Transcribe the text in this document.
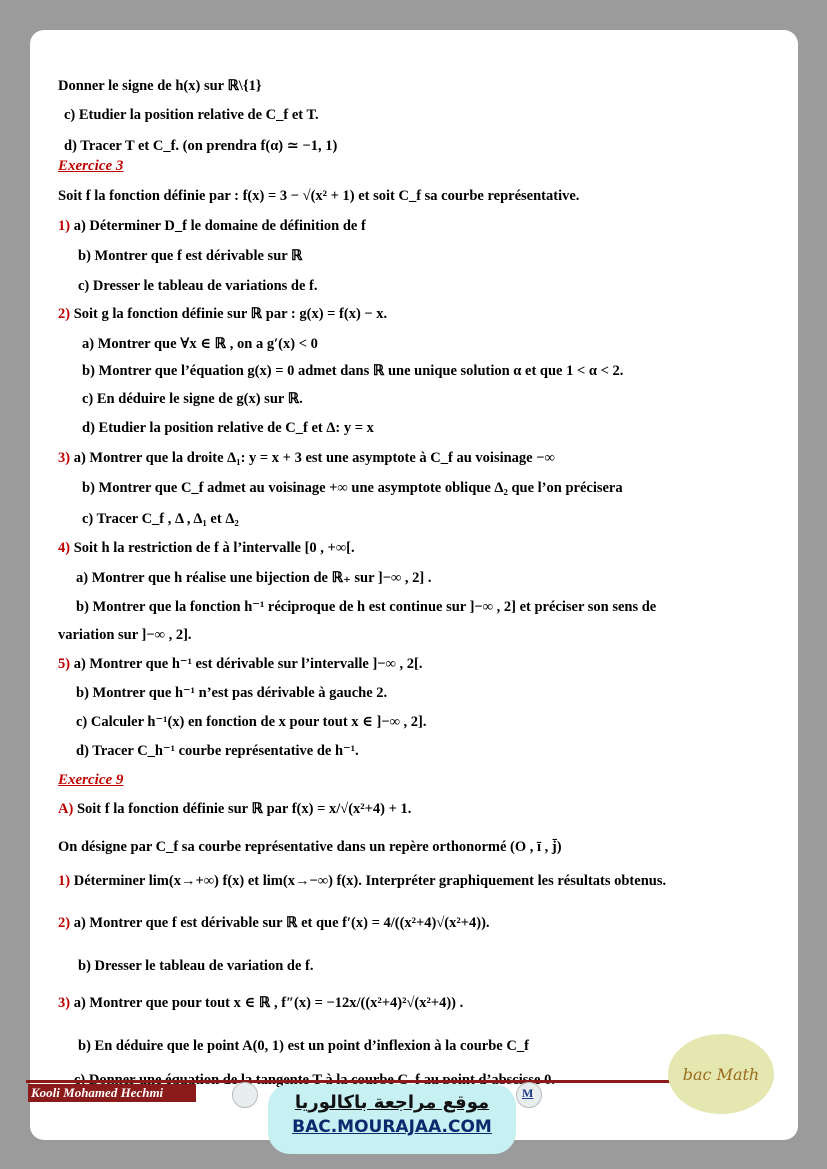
Donner le signe de h(x) sur ℝ\{1}
c) Etudier la position relative de C_f et T.
d) Tracer T et C_f. (on prendra f(α) ≃ −1, 1)
Exercice 3
Soit f la fonction définie par : f(x) = 3 − √(x² + 1) et soit C_f sa courbe représentative.
1) a) Déterminer D_f le domaine de définition de f
b) Montrer que f est dérivable sur ℝ
c) Dresser le tableau de variations de f.
2) Soit g la fonction définie sur ℝ par : g(x) = f(x) − x.
a) Montrer que ∀x ∈ ℝ , on a g′(x) < 0
b) Montrer que l’équation g(x) = 0 admet dans ℝ une unique solution α et que 1 < α < 2.
c) En déduire le signe de g(x) sur ℝ.
d) Etudier la position relative de C_f et Δ: y = x
3) a) Montrer que la droite Δ₁: y = x + 3 est une asymptote à C_f au voisinage −∞
b) Montrer que C_f admet au voisinage +∞ une asymptote oblique Δ₂ que l’on précisera
c) Tracer C_f , Δ , Δ₁ et Δ₂
4) Soit h la restriction de f à l’intervalle [0 , +∞[.
a) Montrer que h réalise une bijection de ℝ₊ sur ]−∞ , 2] .
b) Montrer que la fonction h⁻¹ réciproque de h est continue sur ]−∞ , 2] et préciser son sens de
variation sur ]−∞ , 2].
5) a) Montrer que h⁻¹ est dérivable sur l’intervalle ]−∞ , 2[.
b) Montrer que h⁻¹ n’est pas dérivable à gauche 2.
c) Calculer h⁻¹(x) en fonction de x pour tout x ∈ ]−∞ , 2].
d) Tracer C_h⁻¹ courbe représentative de h⁻¹.
Exercice 9
A) Soit f la fonction définie sur ℝ par f(x) = x/√(x²+4) + 1.
On désigne par C_f sa courbe représentative dans un repère orthonormé (O , ī , j̄)
1) Déterminer lim(x→+∞) f(x) et lim(x→−∞) f(x). Interpréter graphiquement les résultats obtenus.
2) a) Montrer que f est dérivable sur ℝ et que f′(x) = 4/((x²+4)√(x²+4)).
b) Dresser le tableau de variation de f.
3) a) Montrer que pour tout x ∈ ℝ , f″(x) = −12x/((x²+4)²√(x²+4)) .
b) En déduire que le point A(0, 1) est un point d’inflexion à la courbe C_f
Kooli Mohamed Hechmi	M
موقع مراجعة باكالوريا
BAC.MOURAJAA.COM
bac Math
